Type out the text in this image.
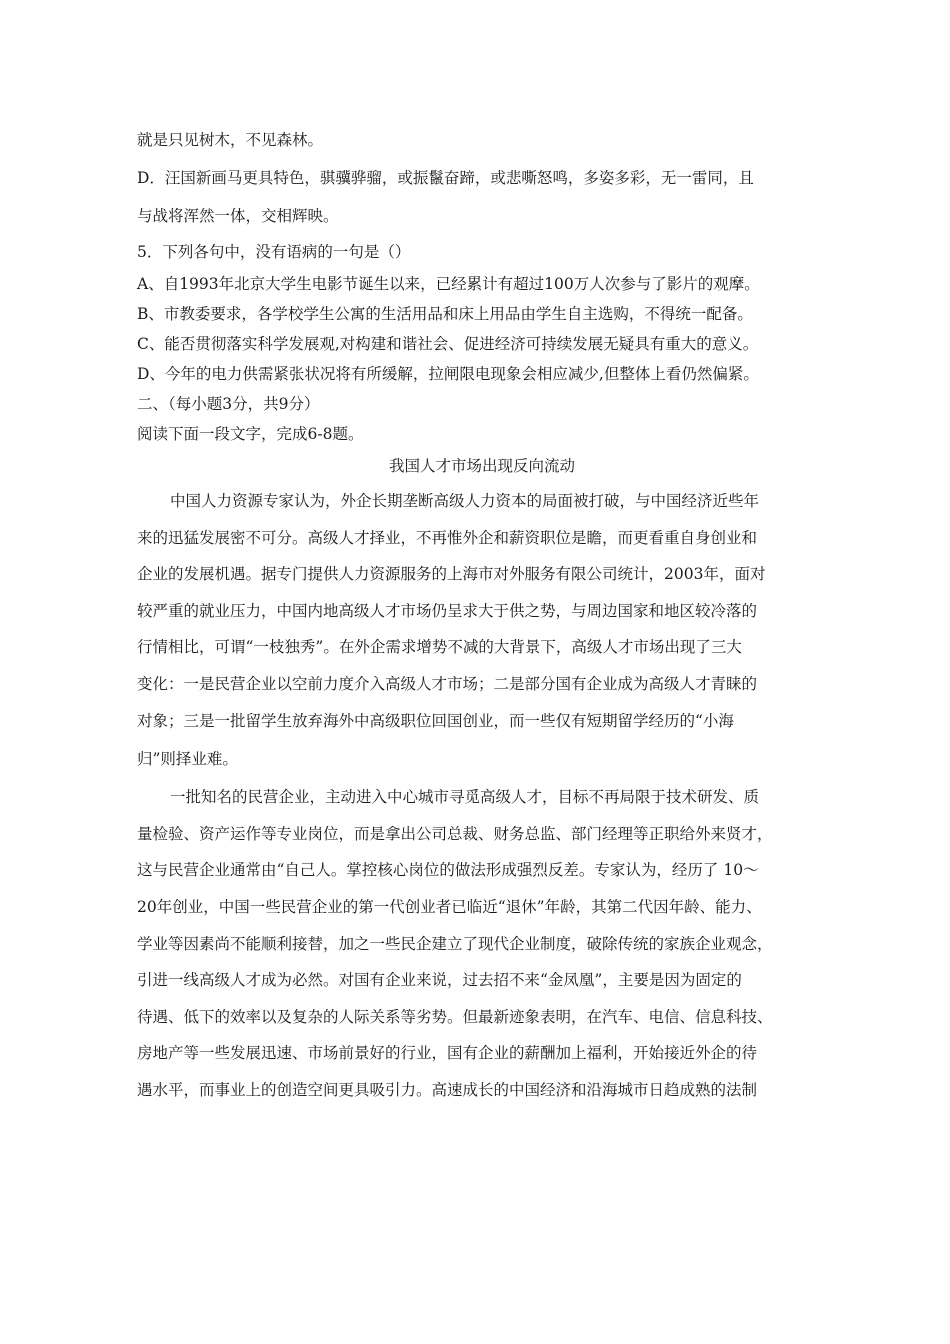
就是只见树木，不见森林。

D．汪国新画马更具特色，骐骥骅骝，或振鬣奋蹄，或悲嘶怒鸣，多姿多彩，无一雷同，且

与战将浑然一体，交相辉映。

5．下列各句中，没有语病的一句是（）

A、自1993年北京大学生电影节诞生以来，已经累计有超过100万人次参与了影片的观摩。

B、市教委要求，各学校学生公寓的生活用品和床上用品由学生自主选购，不得统一配备。

C、能否贯彻落实科学发展观,对构建和谐社会、促进经济可持续发展无疑具有重大的意义。

D、今年的电力供需紧张状况将有所缓解，拉闸限电现象会相应减少,但整体上看仍然偏紧。

二、（每小题3分，共9分）

阅读下面一段文字，完成6-8题。

我国人才市场出现反向流动

中国人力资源专家认为，外企长期垄断高级人力资本的局面被打破，与中国经济近些年

来的迅猛发展密不可分。高级人才择业，不再惟外企和薪资职位是瞻，而更看重自身创业和

企业的发展机遇。据专门提供人力资源服务的上海市对外服务有限公司统计，2003年，面对

较严重的就业压力，中国内地高级人才市场仍呈求大于供之势，与周边国家和地区较冷落的

行情相比，可谓“一枝独秀”。在外企需求增势不减的大背景下，高级人才市场出现了三大

变化：一是民营企业以空前力度介入高级人才市场；二是部分国有企业成为高级人才青睐的

对象；三是一批留学生放弃海外中高级职位回国创业，而一些仅有短期留学经历的“小海

归”则择业难。

一批知名的民营企业，主动进入中心城市寻觅高级人才，目标不再局限于技术研发、质

量检验、资产运作等专业岗位，而是拿出公司总裁、财务总监、部门经理等正职给外来贤才，

这与民营企业通常由“自己人。掌控核心岗位的做法形成强烈反差。专家认为，经历了 10～

20年创业，中国一些民营企业的第一代创业者已临近“退休”年龄，其第二代因年龄、能力、

学业等因素尚不能顺利接替，加之一些民企建立了现代企业制度，破除传统的家族企业观念，

引进一线高级人才成为必然。对国有企业来说，过去招不来“金凤凰”，主要是因为固定的

待遇、低下的效率以及复杂的人际关系等劣势。但最新迹象表明，在汽车、电信、信息科技、

房地产等一些发展迅速、市场前景好的行业，国有企业的薪酬加上福利，开始接近外企的待

遇水平，而事业上的创造空间更具吸引力。高速成长的中国经济和沿海城市日趋成熟的法制
